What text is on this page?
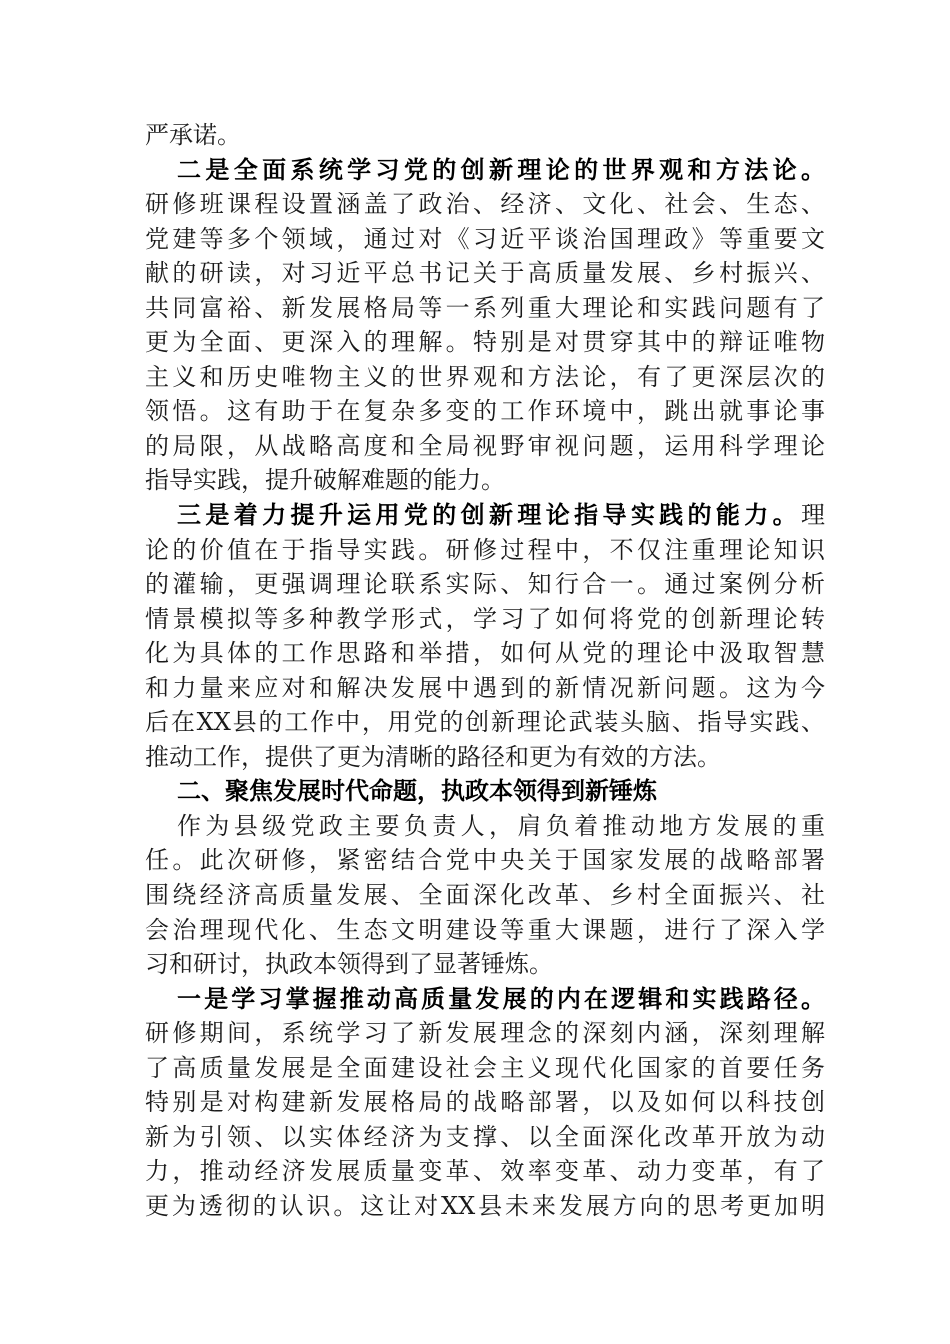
严承诺。
二是全面系统学习党的创新理论的世界观和方法论。
研修班课程设置涵盖了政治、经济、文化、社会、生态、
党建等多个领域，通过对《习近平谈治国理政》等重要文
献的研读，对习近平总书记关于高质量发展、乡村振兴、
共同富裕、新发展格局等一系列重大理论和实践问题有了
更为全面、更深入的理解。特别是对贯穿其中的辩证唯物
主义和历史唯物主义的世界观和方法论，有了更深层次的
领悟。这有助于在复杂多变的工作环境中，跳出就事论事
的局限，从战略高度和全局视野审视问题，运用科学理论
指导实践，提升破解难题的能力。
三是着力提升运用党的创新理论指导实践的能力。理
论的价值在于指导实践。研修过程中，不仅注重理论知识
的灌输，更强调理论联系实际、知行合一。通过案例分析
情景模拟等多种教学形式，学习了如何将党的创新理论转
化为具体的工作思路和举措，如何从党的理论中汲取智慧
和力量来应对和解决发展中遇到的新情况新问题。这为今
后在XX县的工作中，用党的创新理论武装头脑、指导实践、
推动工作，提供了更为清晰的路径和更为有效的方法。
二、聚焦发展时代命题，执政本领得到新锤炼
作为县级党政主要负责人，肩负着推动地方发展的重
任。此次研修，紧密结合党中央关于国家发展的战略部署
围绕经济高质量发展、全面深化改革、乡村全面振兴、社
会治理现代化、生态文明建设等重大课题，进行了深入学
习和研讨，执政本领得到了显著锤炼。
一是学习掌握推动高质量发展的内在逻辑和实践路径。
研修期间，系统学习了新发展理念的深刻内涵，深刻理解
了高质量发展是全面建设社会主义现代化国家的首要任务
特别是对构建新发展格局的战略部署，以及如何以科技创
新为引领、以实体经济为支撑、以全面深化改革开放为动
力，推动经济发展质量变革、效率变革、动力变革，有了
更为透彻的认识。这让对XX县未来发展方向的思考更加明
